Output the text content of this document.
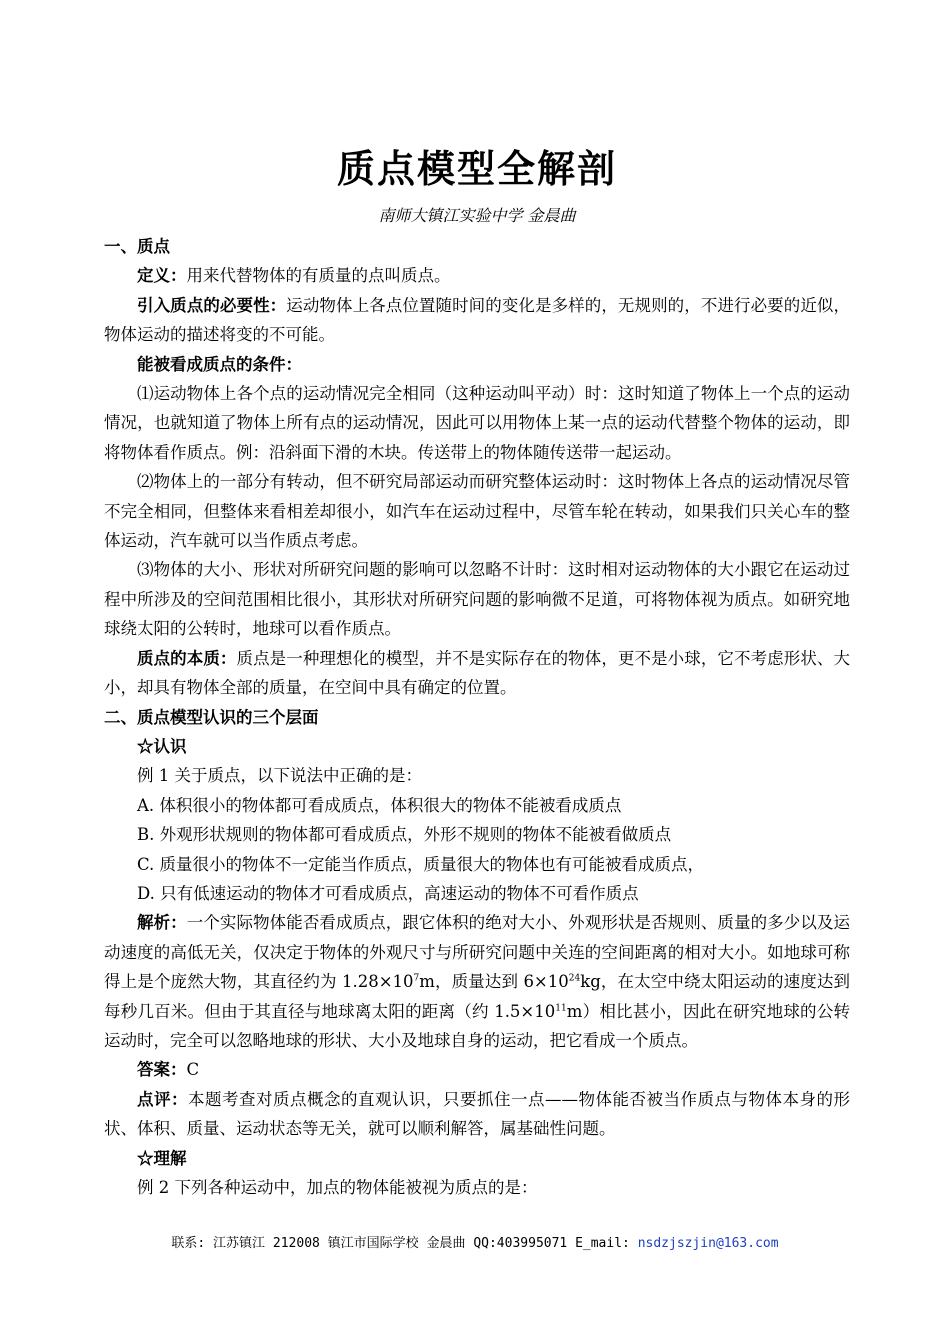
质点模型全解剖
南师大镇江实验中学 金晨曲

一、质点

定义：用来代替物体的有质量的点叫质点。

引入质点的必要性：运动物体上各点位置随时间的变化是多样的，无规则的，不进行必要的近似，物体运动的描述将变的不可能。

能被看成质点的条件：

⑴运动物体上各个点的运动情况完全相同（这种运动叫平动）时：这时知道了物体上一个点的运动情况，也就知道了物体上所有点的运动情况，因此可以用物体上某一点的运动代替整个物体的运动，即将物体看作质点。例：沿斜面下滑的木块。传送带上的物体随传送带一起运动。

⑵物体上的一部分有转动，但不研究局部运动而研究整体运动时：这时物体上各点的运动情况尽管不完全相同，但整体来看相差却很小，如汽车在运动过程中，尽管车轮在转动，如果我们只关心车的整体运动，汽车就可以当作质点考虑。

⑶物体的大小、形状对所研究问题的影响可以忽略不计时：这时相对运动物体的大小跟它在运动过程中所涉及的空间范围相比很小，其形状对所研究问题的影响微不足道，可将物体视为质点。如研究地球绕太阳的公转时，地球可以看作质点。

质点的本质：质点是一种理想化的模型，并不是实际存在的物体，更不是小球，它不考虑形状、大小，却具有物体全部的质量，在空间中具有确定的位置。

二、质点模型认识的三个层面

☆认识

例 1 关于质点，以下说法中正确的是：

A. 体积很小的物体都可看成质点，体积很大的物体不能被看成质点

B. 外观形状规则的物体都可看成质点，外形不规则的物体不能被看做质点

C. 质量很小的物体不一定能当作质点，质量很大的物体也有可能被看成质点，

D. 只有低速运动的物体才可看成质点，高速运动的物体不可看作质点

解析：一个实际物体能否看成质点，跟它体积的绝对大小、外观形状是否规则、质量的多少以及运动速度的高低无关，仅决定于物体的外观尺寸与所研究问题中关连的空间距离的相对大小。如地球可称得上是个庞然大物，其直径约为 $1.28\times 10^7m$，质量达到 $6\times 10^{24}kg$，在太空中绕太阳运动的速度达到每秒几百米。但由于其直径与地球离太阳的距离（约 $1.5\times 10^{11}m$）相比甚小，因此在研究地球的公转运动时，完全可以忽略地球的形状、大小及地球自身的运动，把它看成一个质点。

答案：C

点评：本题考查对质点概念的直观认识，只要抓住一点——物体能否被当作质点与物体本身的形状、体积、质量、运动状态等无关，就可以顺利解答，属基础性问题。

☆理解

例 2 下列各种运动中，加点的物体能被视为质点的是：

联系: 江苏镇江 212008 镇江市国际学校 金晨曲 QQ:403995071 E_mail: nsdzjszjin@163.com
